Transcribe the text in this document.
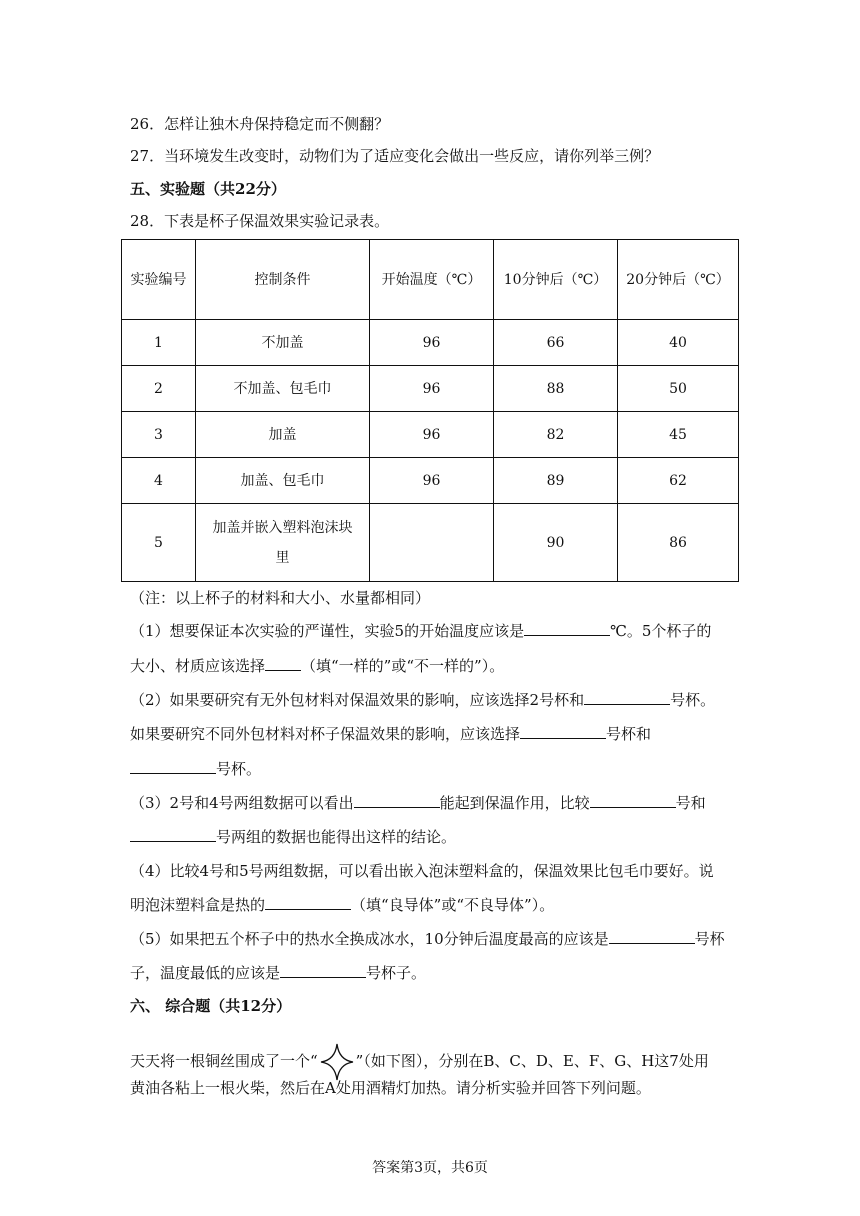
26．怎样让独木舟保持稳定而不侧翻？
27．当环境发生改变时，动物们为了适应变化会做出一些反应，请你列举三例？
五、实验题（共22分）
28．下表是杯子保温效果实验记录表。
实验编号	控制条件	开始温度（℃）	10分钟后（℃）	20分钟后（℃）
1	不加盖	96	66	40
2	不加盖、包毛巾	96	88	50
3	加盖	96	82	45
4	加盖、包毛巾	96	89	62
5	加盖并嵌入塑料泡沫块里		90	86
（注：以上杯子的材料和大小、水量都相同）
（1）想要保证本次实验的严谨性，实验5的开始温度应该是	℃。5个杯子的
大小、材质应该选择 （填“一样的”或“不一样的”）。
（2）如果要研究有无外包材料对保温效果的影响，应该选择2号杯和	号杯。
如果要研究不同外包材料对杯子保温效果的影响，应该选择	号杯和
号杯。
（3）2号和4号两组数据可以看出	能起到保温作用，比较	号和
号两组的数据也能得出这样的结论。
（4）比较4号和5号两组数据，可以看出嵌入泡沫塑料盒的，保温效果比包毛巾要好。说
明泡沫塑料盒是热的	（填“良导体”或“不良导体”）。
（5）如果把五个杯子中的热水全换成冰水，10分钟后温度最高的应该是	号杯
子，温度最低的应该是	号杯子。
六、 综合题（共12分）
天天将一根铜丝围成了一个“	”（如下图），分别在B、C、D、E、F、G、H这7处用
黄油各粘上一根火柴，然后在A处用酒精灯加热。请分析实验并回答下列问题。
答案第3页，共6页
